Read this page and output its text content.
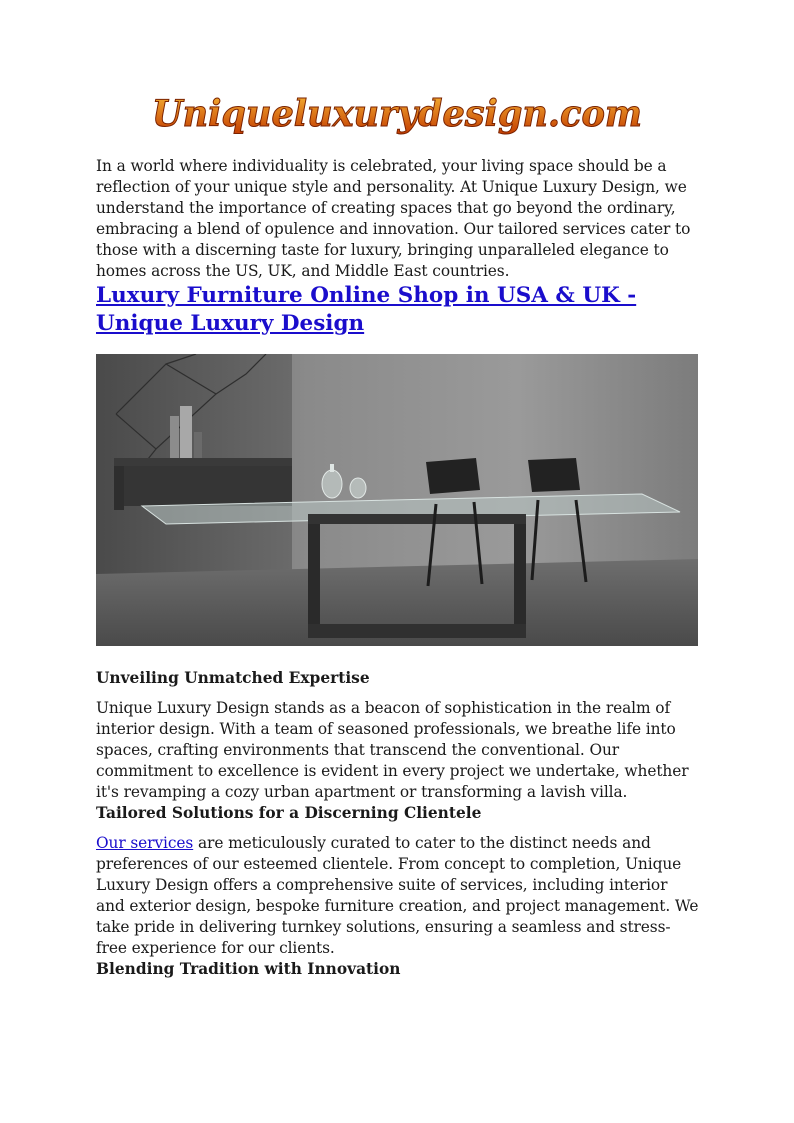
Uniqueluxurydesign.com

In a world where individuality is celebrated, your living space should be a reflection of your unique style and personality. At Unique Luxury Design, we understand the importance of creating spaces that go beyond the ordinary, embracing a blend of opulence and innovation. Our tailored services cater to those with a discerning taste for luxury, bringing unparalleled elegance to homes across the US, UK, and Middle East countries.

Luxury Furniture Online Shop in USA & UK - Unique Luxury Design
Unveiling Unmatched Expertise

Unique Luxury Design stands as a beacon of sophistication in the realm of interior design. With a team of seasoned professionals, we breathe life into spaces, crafting environments that transcend the conventional. Our commitment to excellence is evident in every project we undertake, whether it's revamping a cozy urban apartment or transforming a lavish villa.

Tailored Solutions for a Discerning Clientele

Our services are meticulously curated to cater to the distinct needs and preferences of our esteemed clientele. From concept to completion, Unique Luxury Design offers a comprehensive suite of services, including interior and exterior design, bespoke furniture creation, and project management. We take pride in delivering turnkey solutions, ensuring a seamless and stress-free experience for our clients.

Blending Tradition with Innovation
